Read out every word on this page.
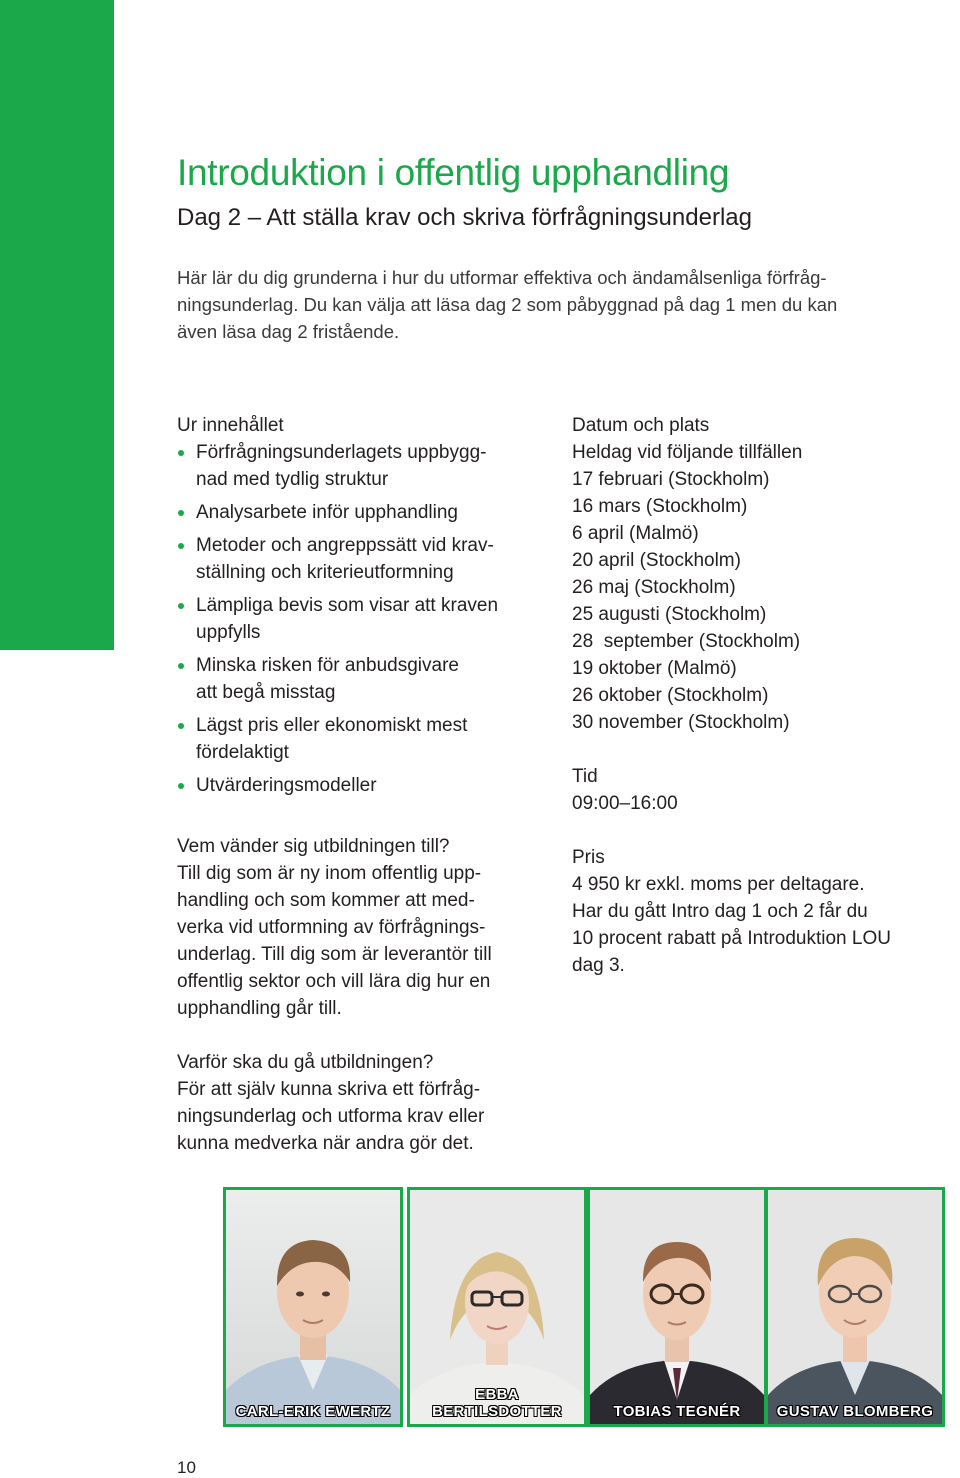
Introduktion i offentlig upphandling
Dag 2 – Att ställa krav och skriva förfrågningsunderlag
Här lär du dig grunderna i hur du utformar effektiva och ändamålsenliga förfråg-
ningsunderlag. Du kan välja att läsa dag 2 som påbyggnad på dag 1 men du kan
även läsa dag 2 fristående.
Ur innehållet
Förfrågningsunderlagets uppbygg-
nad med tydlig struktur
Analysarbete inför upphandling
Metoder och angreppssätt vid krav-
ställning och kriterieutformning
Lämpliga bevis som visar att kraven
uppfylls
Minska risken för anbudsgivare
att begå misstag
Lägst pris eller ekonomiskt mest
fördelaktigt
Utvärderingsmodeller
Vem vänder sig utbildningen till?
Till dig som är ny inom offentlig upp-
handling och som kommer att med-
verka vid utformning av förfrågnings-
underlag. Till dig som är leverantör till
offentlig sektor och vill lära dig hur en
upphandling går till.
Varför ska du gå utbildningen?
För att själv kunna skriva ett förfråg-
ningsunderlag och utforma krav eller
kunna medverka när andra gör det.
Datum och plats
Heldag vid följande tillfällen
17 februari (Stockholm)
16 mars (Stockholm)
6 april (Malmö)
20 april (Stockholm)
26 maj (Stockholm)
25 augusti (Stockholm)
28  september (Stockholm)
19 oktober (Malmö)
26 oktober (Stockholm)
30 november (Stockholm)
Tid
09:00–16:00
Pris
4 950 kr exkl. moms per deltagare.
Har du gått Intro dag 1 och 2 får du
10 procent rabatt på Introduktion LOU
dag 3.
CARL-ERIK EWERTZ
EBBA
BERTILSDOTTER	TOBIAS TEGNÉR	GUSTAV BLOMBERG
10
